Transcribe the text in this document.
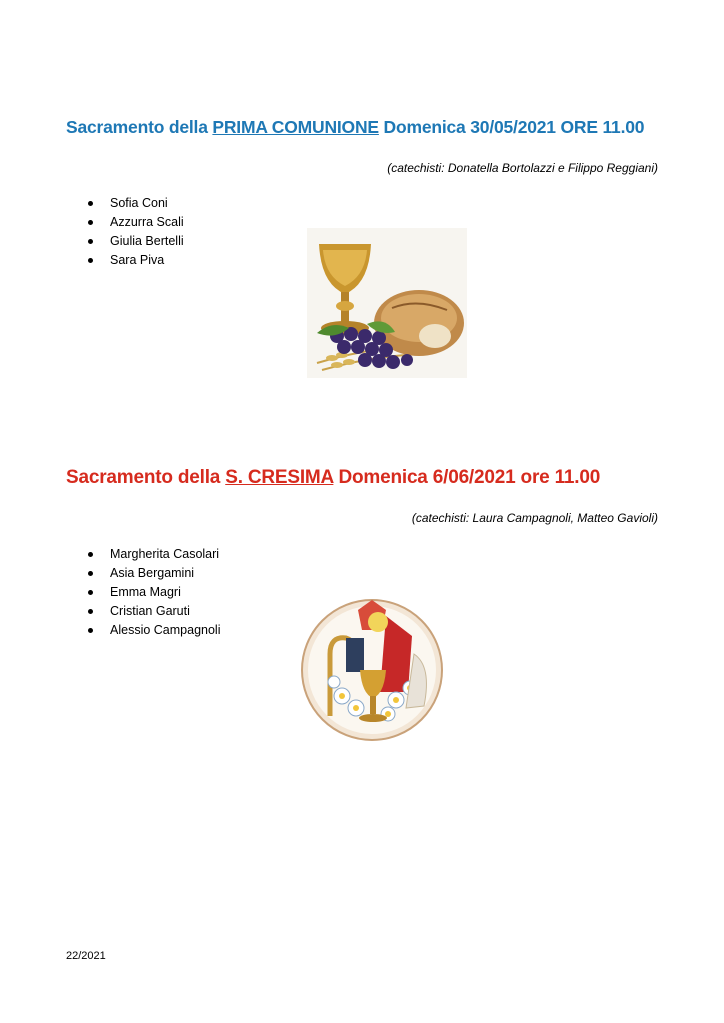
Sacramento della PRIMA COMUNIONE Domenica 30/05/2021 ORE 11.00
(catechisti: Donatella Bortolazzi e Filippo Reggiani)
Sofia Coni
Azzurra Scali
Giulia Bertelli
Sara Piva
Sacramento della S. CRESIMA Domenica 6/06/2021 ore 11.00
(catechisti: Laura Campagnoli, Matteo Gavioli)
Margherita Casolari
Asia Bergamini
Emma Magri
Cristian Garuti
Alessio Campagnoli
22/2021
